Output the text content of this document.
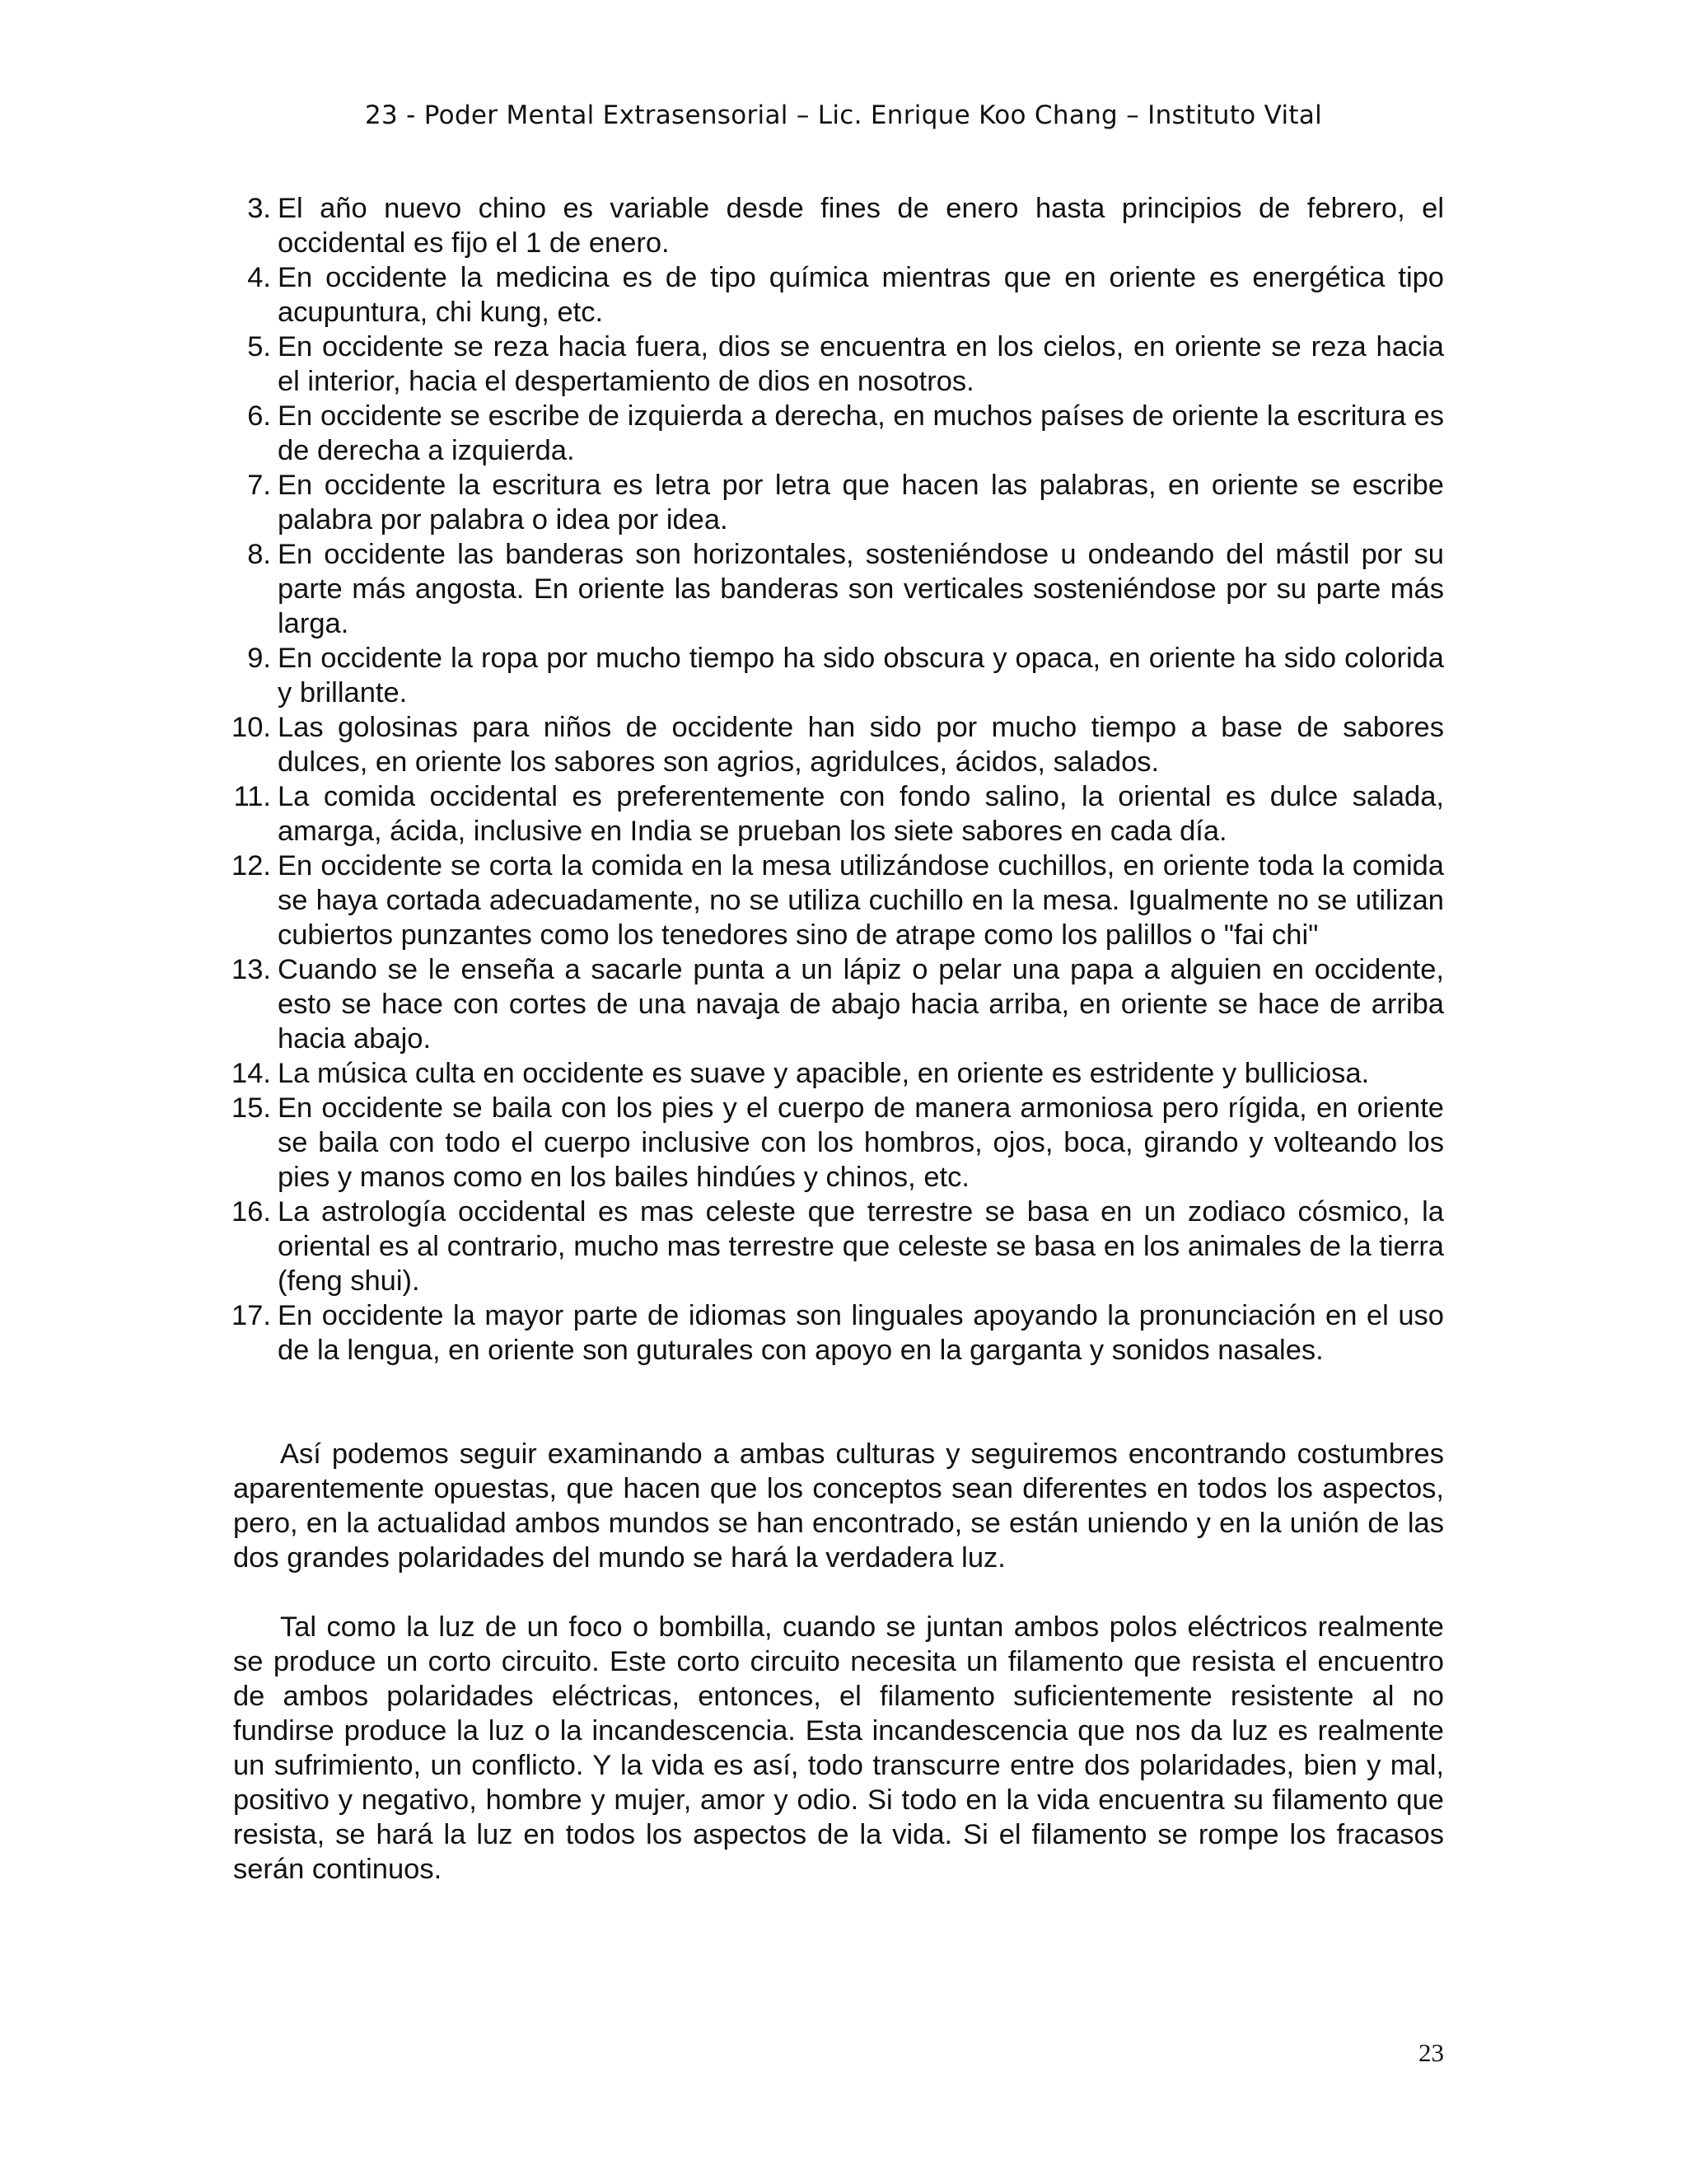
23 - Poder Mental Extrasensorial – Lic. Enrique Koo Chang – Instituto Vital
3. El año nuevo chino es variable desde fines de enero hasta principios de febrero, el occidental es fijo el 1 de enero.
4. En occidente la medicina es de tipo química mientras que en oriente es energética tipo acupuntura, chi kung, etc.
5. En occidente se reza hacia fuera, dios se encuentra en los cielos, en oriente se reza hacia el interior, hacia el despertamiento de dios en nosotros.
6. En occidente se escribe de izquierda a derecha, en muchos países de oriente la escritura es de derecha a izquierda.
7. En occidente la escritura es letra por letra que hacen las palabras, en oriente se escribe palabra por palabra o idea por idea.
8. En occidente las banderas son horizontales, sosteniéndose u ondeando del mástil por su parte más angosta. En oriente las banderas son verticales sosteniéndose por su parte más larga.
9. En occidente la ropa por mucho tiempo ha sido obscura y opaca, en oriente ha sido colorida y brillante.
10. Las golosinas para niños de occidente han sido por mucho tiempo a base de sabores dulces, en oriente los sabores son agrios, agridulces, ácidos, salados.
11. La comida occidental es preferentemente con fondo salino, la oriental es dulce salada, amarga, ácida, inclusive en India se prueban los siete sabores en cada día.
12. En occidente se corta la comida en la mesa utilizándose cuchillos, en oriente toda la comida se haya cortada adecuadamente, no se utiliza cuchillo en la mesa. Igualmente no se utilizan cubiertos punzantes como los tenedores sino de atrape como los palillos o "fai chi"
13. Cuando se le enseña a sacarle punta a un lápiz o pelar una papa a alguien en occidente, esto se hace con cortes de una navaja de abajo hacia arriba, en oriente se hace de arriba hacia abajo.
14. La música culta en occidente es suave y apacible, en oriente es estridente y bulliciosa.
15. En occidente se baila con los pies y el cuerpo de manera armoniosa pero rígida, en oriente se baila con todo el cuerpo inclusive con los hombros, ojos, boca, girando y volteando los pies y manos como en los bailes hindúes y chinos, etc.
16. La astrología occidental es mas celeste que terrestre se basa en un zodiaco cósmico, la oriental es al contrario, mucho mas terrestre que celeste se basa en los animales de la tierra (feng shui).
17. En occidente la mayor parte de idiomas son linguales apoyando la pronunciación en el uso de la lengua, en oriente son guturales con apoyo en la garganta y sonidos nasales.

Así podemos seguir examinando a ambas culturas y seguiremos encontrando costumbres aparentemente opuestas, que hacen que los conceptos sean diferentes en todos los aspectos, pero, en la actualidad ambos mundos se han encontrado, se están uniendo y en la unión de las dos grandes polaridades del mundo se hará la verdadera luz.

Tal como la luz de un foco o bombilla, cuando se juntan ambos polos eléctricos realmente se produce un corto circuito. Este corto circuito necesita un filamento que resista el encuentro de ambos polaridades eléctricas, entonces, el filamento suficientemente resistente al no fundirse produce la luz o la incandescencia. Esta incandescencia que nos da luz es realmente un sufrimiento, un conflicto. Y la vida es así, todo transcurre entre dos polaridades, bien y mal, positivo y negativo, hombre y mujer, amor y odio. Si todo en la vida encuentra su filamento que resista, se hará la luz en todos los aspectos de la vida. Si el filamento se rompe los fracasos serán continuos.

23
